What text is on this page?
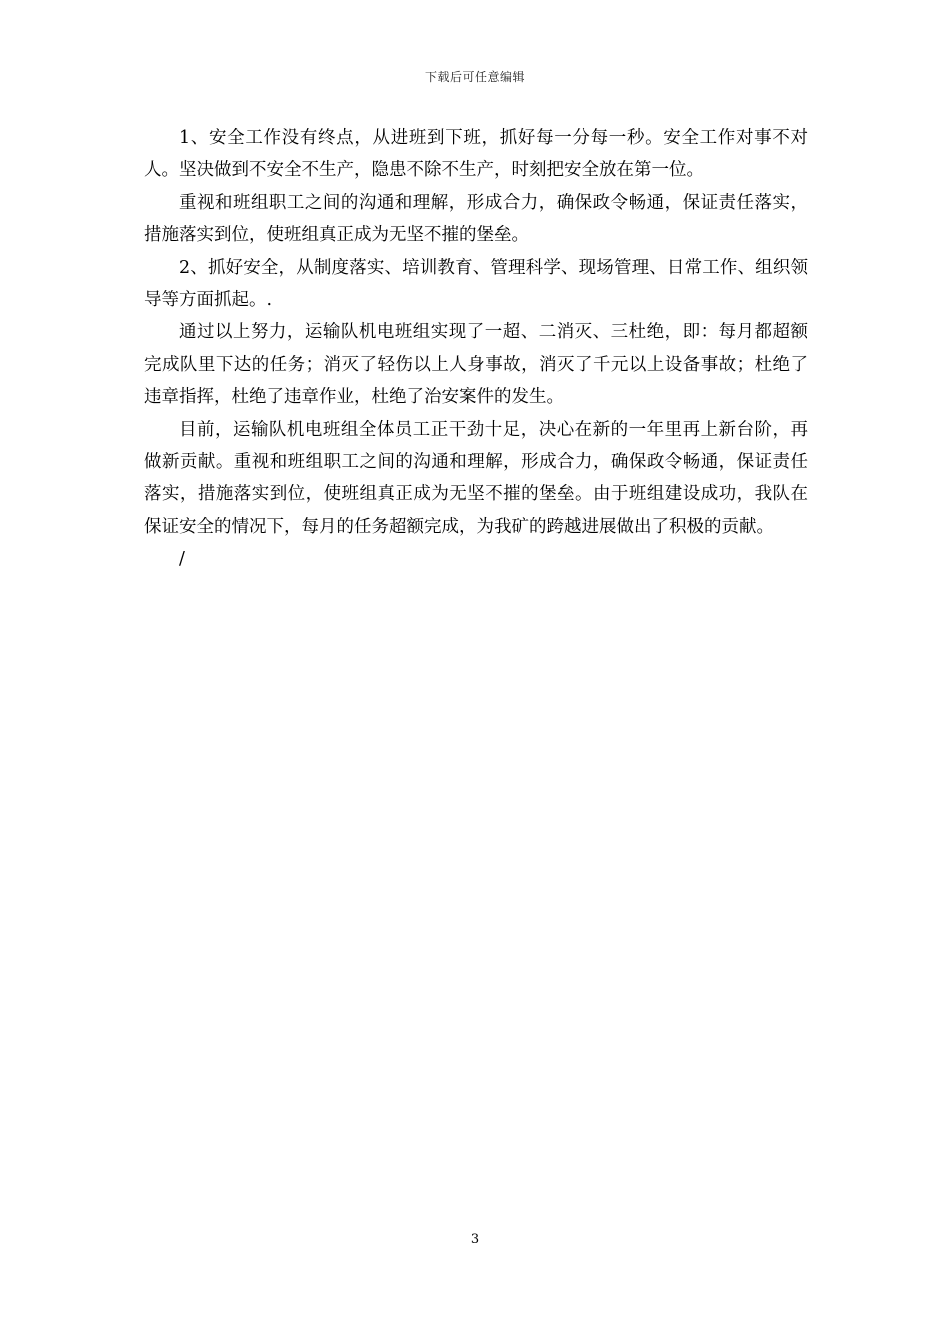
下载后可任意编辑

1、安全工作没有终点，从进班到下班，抓好每一分每一秒。安全工作对事不对人。坚决做到不安全不生产，隐患不除不生产，时刻把安全放在第一位。

重视和班组职工之间的沟通和理解，形成合力，确保政令畅通，保证责任落实，措施落实到位，使班组真正成为无坚不摧的堡垒。

2、抓好安全，从制度落实、培训教育、管理科学、现场管理、日常工作、组织领导等方面抓起。.

通过以上努力，运输队机电班组实现了一超、二消灭、三杜绝，即：每月都超额完成队里下达的任务；消灭了轻伤以上人身事故，消灭了千元以上设备事故；杜绝了违章指挥，杜绝了违章作业，杜绝了治安案件的发生。

目前，运输队机电班组全体员工正干劲十足，决心在新的一年里再上新台阶，再做新贡献。重视和班组职工之间的沟通和理解，形成合力，确保政令畅通，保证责任落实，措施落实到位，使班组真正成为无坚不摧的堡垒。由于班组建设成功，我队在保证安全的情况下，每月的任务超额完成，为我矿的跨越进展做出了积极的贡献。

/

3
